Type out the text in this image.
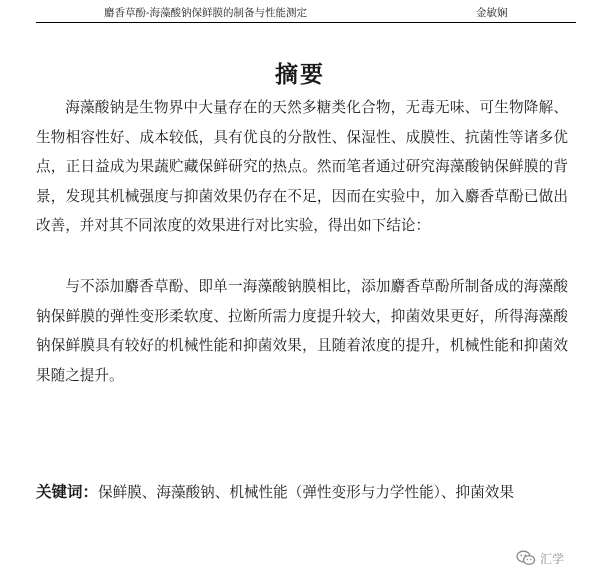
麝香草酚-海藻酸钠保鲜膜的制备与性能测定	金敏娴
摘要

海藻酸钠是生物界中大量存在的天然多糖类化合物，无毒无味、可生物降解、生物相容性好、成本较低，具有优良的分散性、保湿性、成膜性、抗菌性等诸多优点，正日益成为果蔬贮藏保鲜研究的热点。然而笔者通过研究海藻酸钠保鲜膜的背景，发现其机械强度与抑菌效果仍存在不足，因而在实验中，加入麝香草酚已做出改善，并对其不同浓度的效果进行对比实验，得出如下结论：

与不添加麝香草酚、即单一海藻酸钠膜相比，添加麝香草酚所制备成的海藻酸钠保鲜膜的弹性变形柔软度、拉断所需力度提升较大，抑菌效果更好，所得海藻酸钠保鲜膜具有较好的机械性能和抑菌效果，且随着浓度的提升，机械性能和抑菌效果随之提升。

关键词：保鲜膜、海藻酸钠、机械性能（弹性变形与力学性能）、抑菌效果
汇学
